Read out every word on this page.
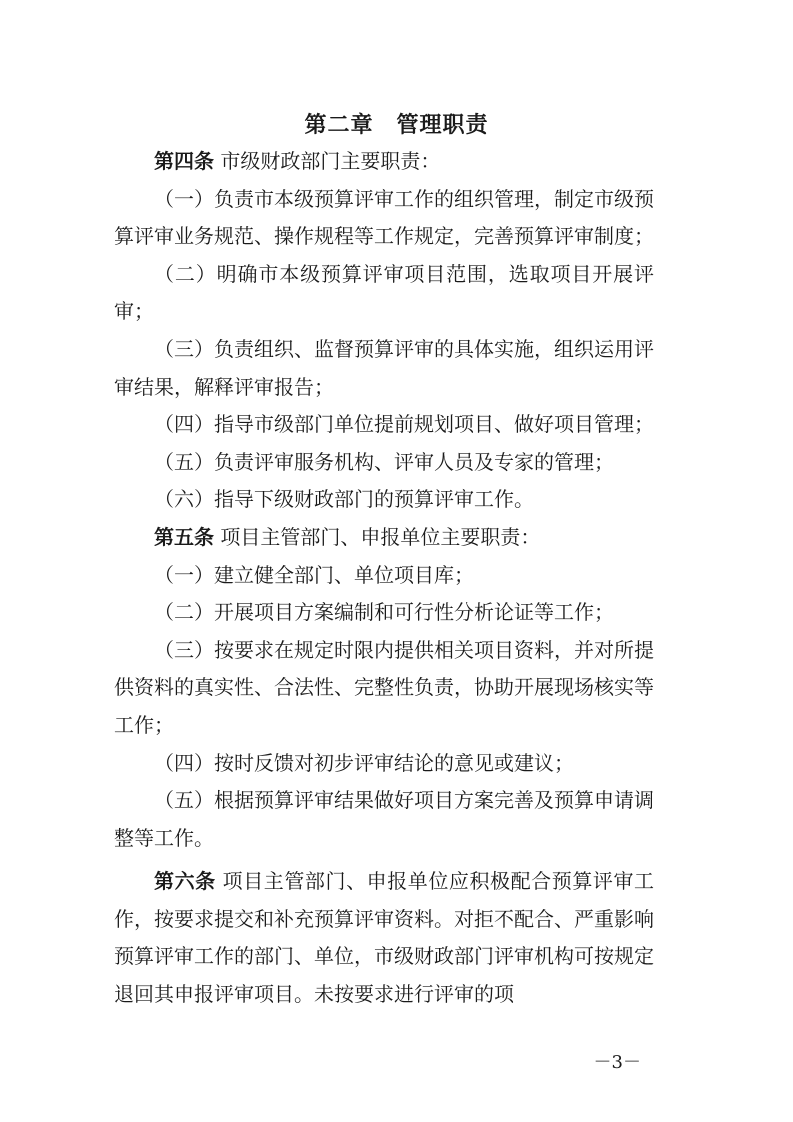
第二章　管理职责

第四条 市级财政部门主要职责：

（一）负责市本级预算评审工作的组织管理，制定市级预算评审业务规范、操作规程等工作规定，完善预算评审制度；

（二）明确市本级预算评审项目范围，选取项目开展评审；

（三）负责组织、监督预算评审的具体实施，组织运用评审结果，解释评审报告；

（四）指导市级部门单位提前规划项目、做好项目管理；

（五）负责评审服务机构、评审人员及专家的管理；

（六）指导下级财政部门的预算评审工作。

第五条 项目主管部门、申报单位主要职责：

（一）建立健全部门、单位项目库；

（二）开展项目方案编制和可行性分析论证等工作；

（三）按要求在规定时限内提供相关项目资料，并对所提供资料的真实性、合法性、完整性负责，协助开展现场核实等工作；

（四）按时反馈对初步评审结论的意见或建议；

（五）根据预算评审结果做好项目方案完善及预算申请调整等工作。

第六条 项目主管部门、申报单位应积极配合预算评审工作，按要求提交和补充预算评审资料。对拒不配合、严重影响预算评审工作的部门、单位，市级财政部门评审机构可按规定退回其申报评审项目。未按要求进行评审的项

－3－
